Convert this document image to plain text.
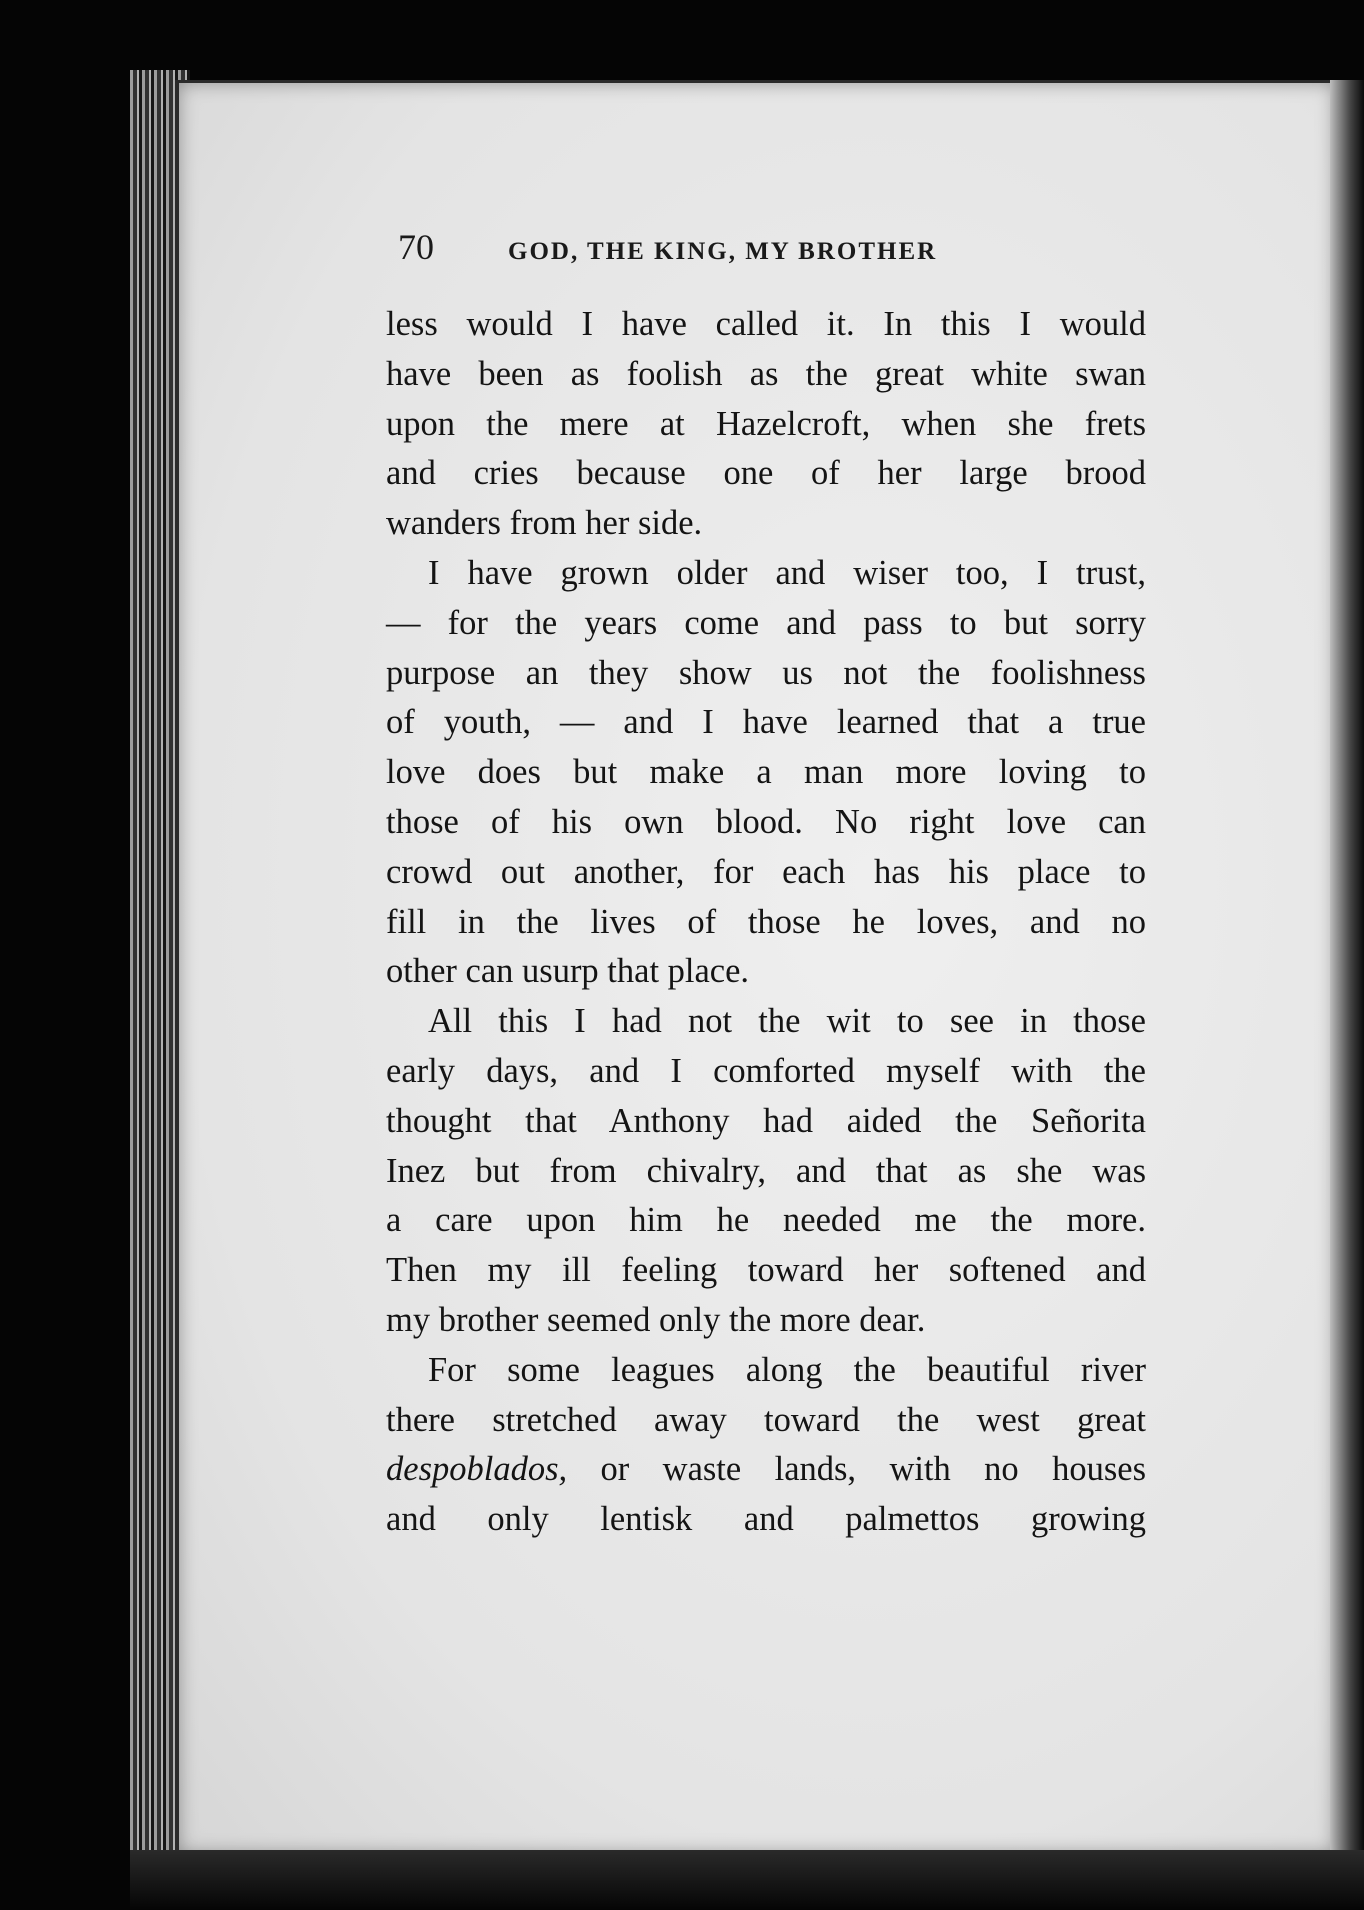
70	GOD, THE KING, MY BROTHER

less would I have called it. In this I would
have been as foolish as the great white swan
upon the mere at Hazelcroft, when she frets
and cries because one of her large brood
wanders from her side.

I have grown older and wiser too, I trust,
— for the years come and pass to but sorry
purpose an they show us not the foolishness
of youth, — and I have learned that a true
love does but make a man more loving to
those of his own blood. No right love can
crowd out another, for each has his place to
fill in the lives of those he loves, and no
other can usurp that place.

All this I had not the wit to see in those
early days, and I comforted myself with the
thought that Anthony had aided the Señorita
Inez but from chivalry, and that as she was
a care upon him he needed me the more.
Then my ill feeling toward her softened and
my brother seemed only the more dear.

For some leagues along the beautiful river
there stretched away toward the west great
despoblados, or waste lands, with no houses
and only lentisk and palmettos growing
